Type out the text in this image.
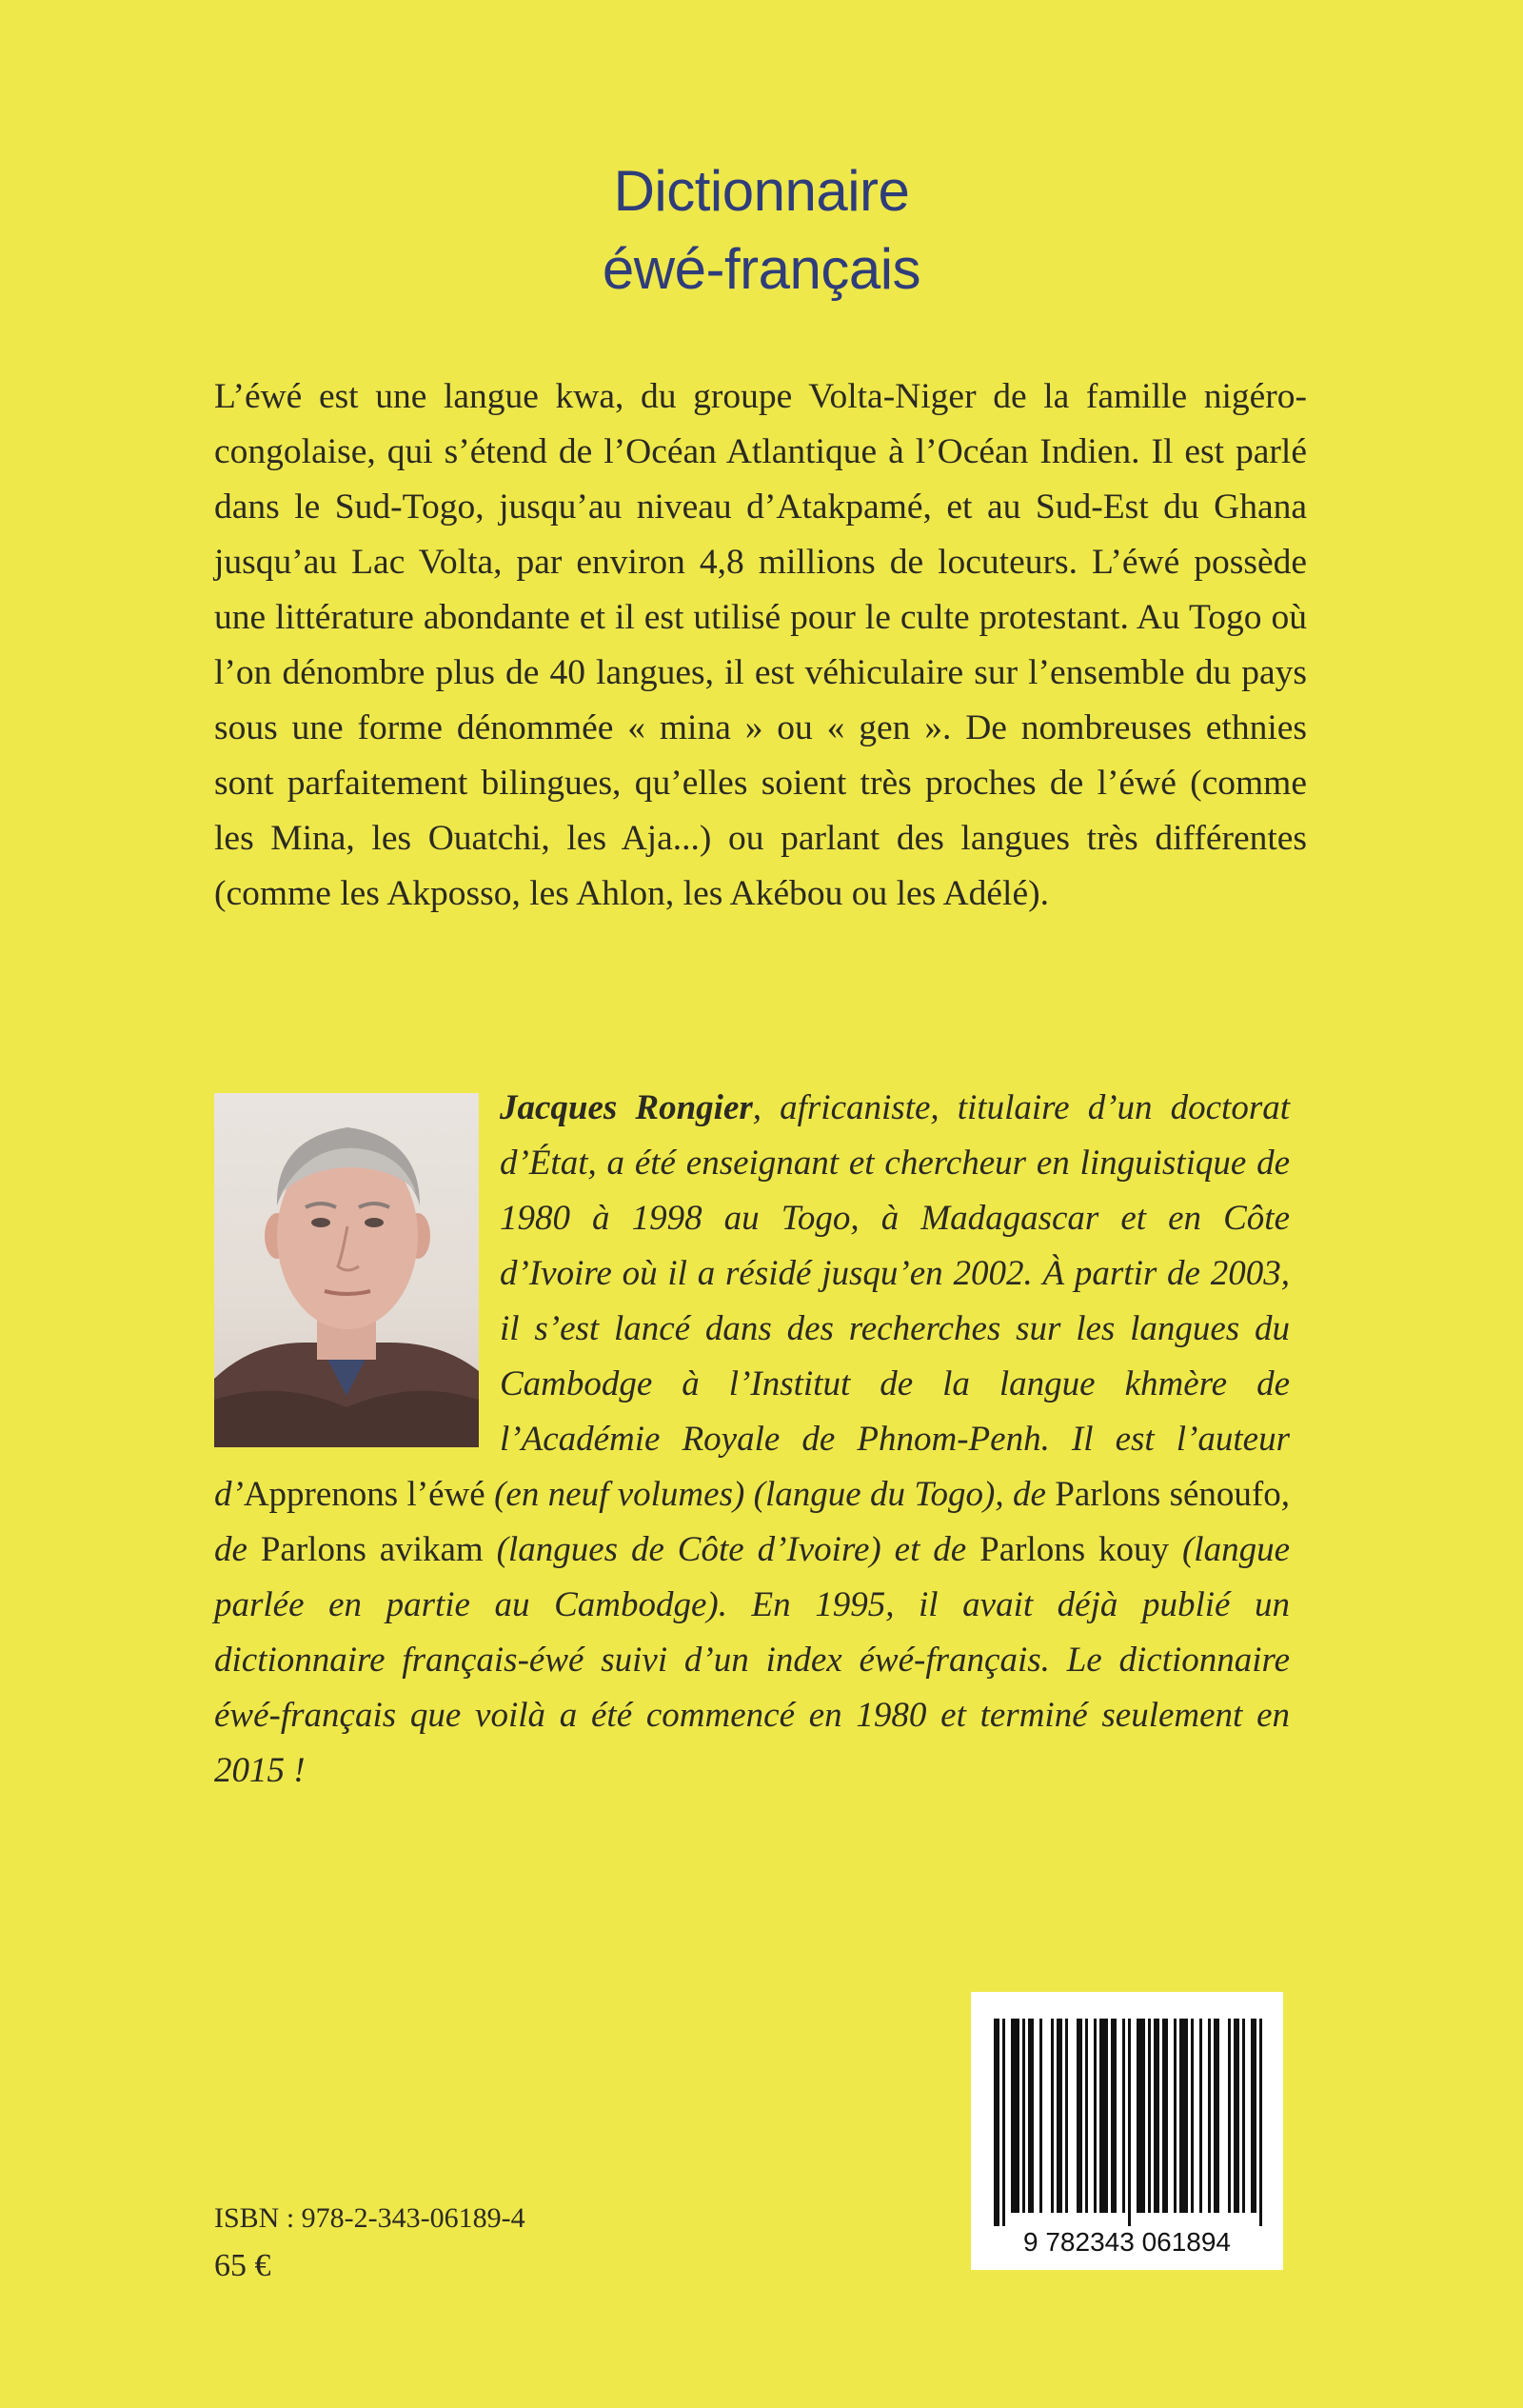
Dictionnaire
éwé-français

L’éwé est une langue kwa, du groupe Volta-Niger de la famille nigéro-congolaise, qui s’étend de l’Océan Atlantique à l’Océan Indien. Il est parlé dans le Sud-Togo, jusqu’au niveau d’Atakpamé, et au Sud-Est du Ghana jusqu’au Lac Volta, par environ 4,8 millions de locuteurs. L’éwé possède une littérature abondante et il est utilisé pour le culte protestant. Au Togo où l’on dénombre plus de 40 langues, il est véhiculaire sur l’ensemble du pays sous une forme dénommée « mina » ou « gen ». De nombreuses ethnies sont parfaitement bilingues, qu’elles soient très proches de l’éwé (comme les Mina, les Ouatchi, les Aja...) ou parlant des langues très différentes (comme les Akposso, les Ahlon, les Akébou ou les Adélé).

Jacques Rongier, africaniste, titulaire d’un doctorat d’État, a été enseignant et chercheur en linguistique de 1980 à 1998 au Togo, à Madagascar et en Côte d’Ivoire où il a résidé jusqu’en 2002. À partir de 2003, il s’est lancé dans des recherches sur les langues du Cambodge à l’Institut de la langue khmère de l’Académie Royale de Phnom-Penh. Il est l’auteur d’Apprenons l’éwé (en neuf volumes) (langue du Togo), de Parlons sénoufo, de Parlons avikam (langues de Côte d’Ivoire) et de Parlons kouy (langue parlée en partie au Cambodge). En 1995, il avait déjà publié un dictionnaire français-éwé suivi d’un index éwé-français. Le dictionnaire éwé-français que voilà a été commencé en 1980 et terminé seulement en 2015 !
9 782343 061894
ISBN : 978-2-343-06189-4
65 €
